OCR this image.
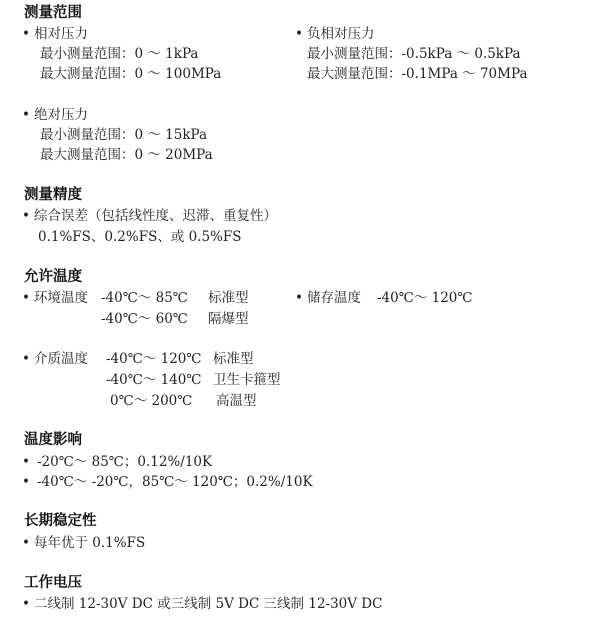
测量范围
• 相对压力
最小测量范围：0 ～ 1kPa
最大测量范围：0 ～ 100MPa
• 负相对压力
最小测量范围：-0.5kPa ～ 0.5kPa
最大测量范围：-0.1MPa ～ 70MPa
• 绝对压力
最小测量范围：0 ～ 15kPa
最大测量范围：0 ～ 20MPa
测量精度
• 综合误差（包括线性度、迟滞、重复性）
0.1%FS、0.2%FS、或 0.5%FS
允许温度
• 环境温度 -40℃～ 85℃ 标准型
-40℃～ 60℃ 隔爆型
• 储存温度 -40℃～ 120℃
• 介质温度 -40℃～ 120℃ 标准型
-40℃～ 140℃ 卫生卡箍型
0℃～ 200℃ 高温型
温度影响
• -20℃～ 85℃；0.12%/10K
• -40℃～ -20℃，85℃～ 120℃；0.2%/10K
长期稳定性
• 每年优于 0.1%FS
工作电压
• 二线制 12-30V DC 或三线制 5V DC 三线制 12-30V DC
